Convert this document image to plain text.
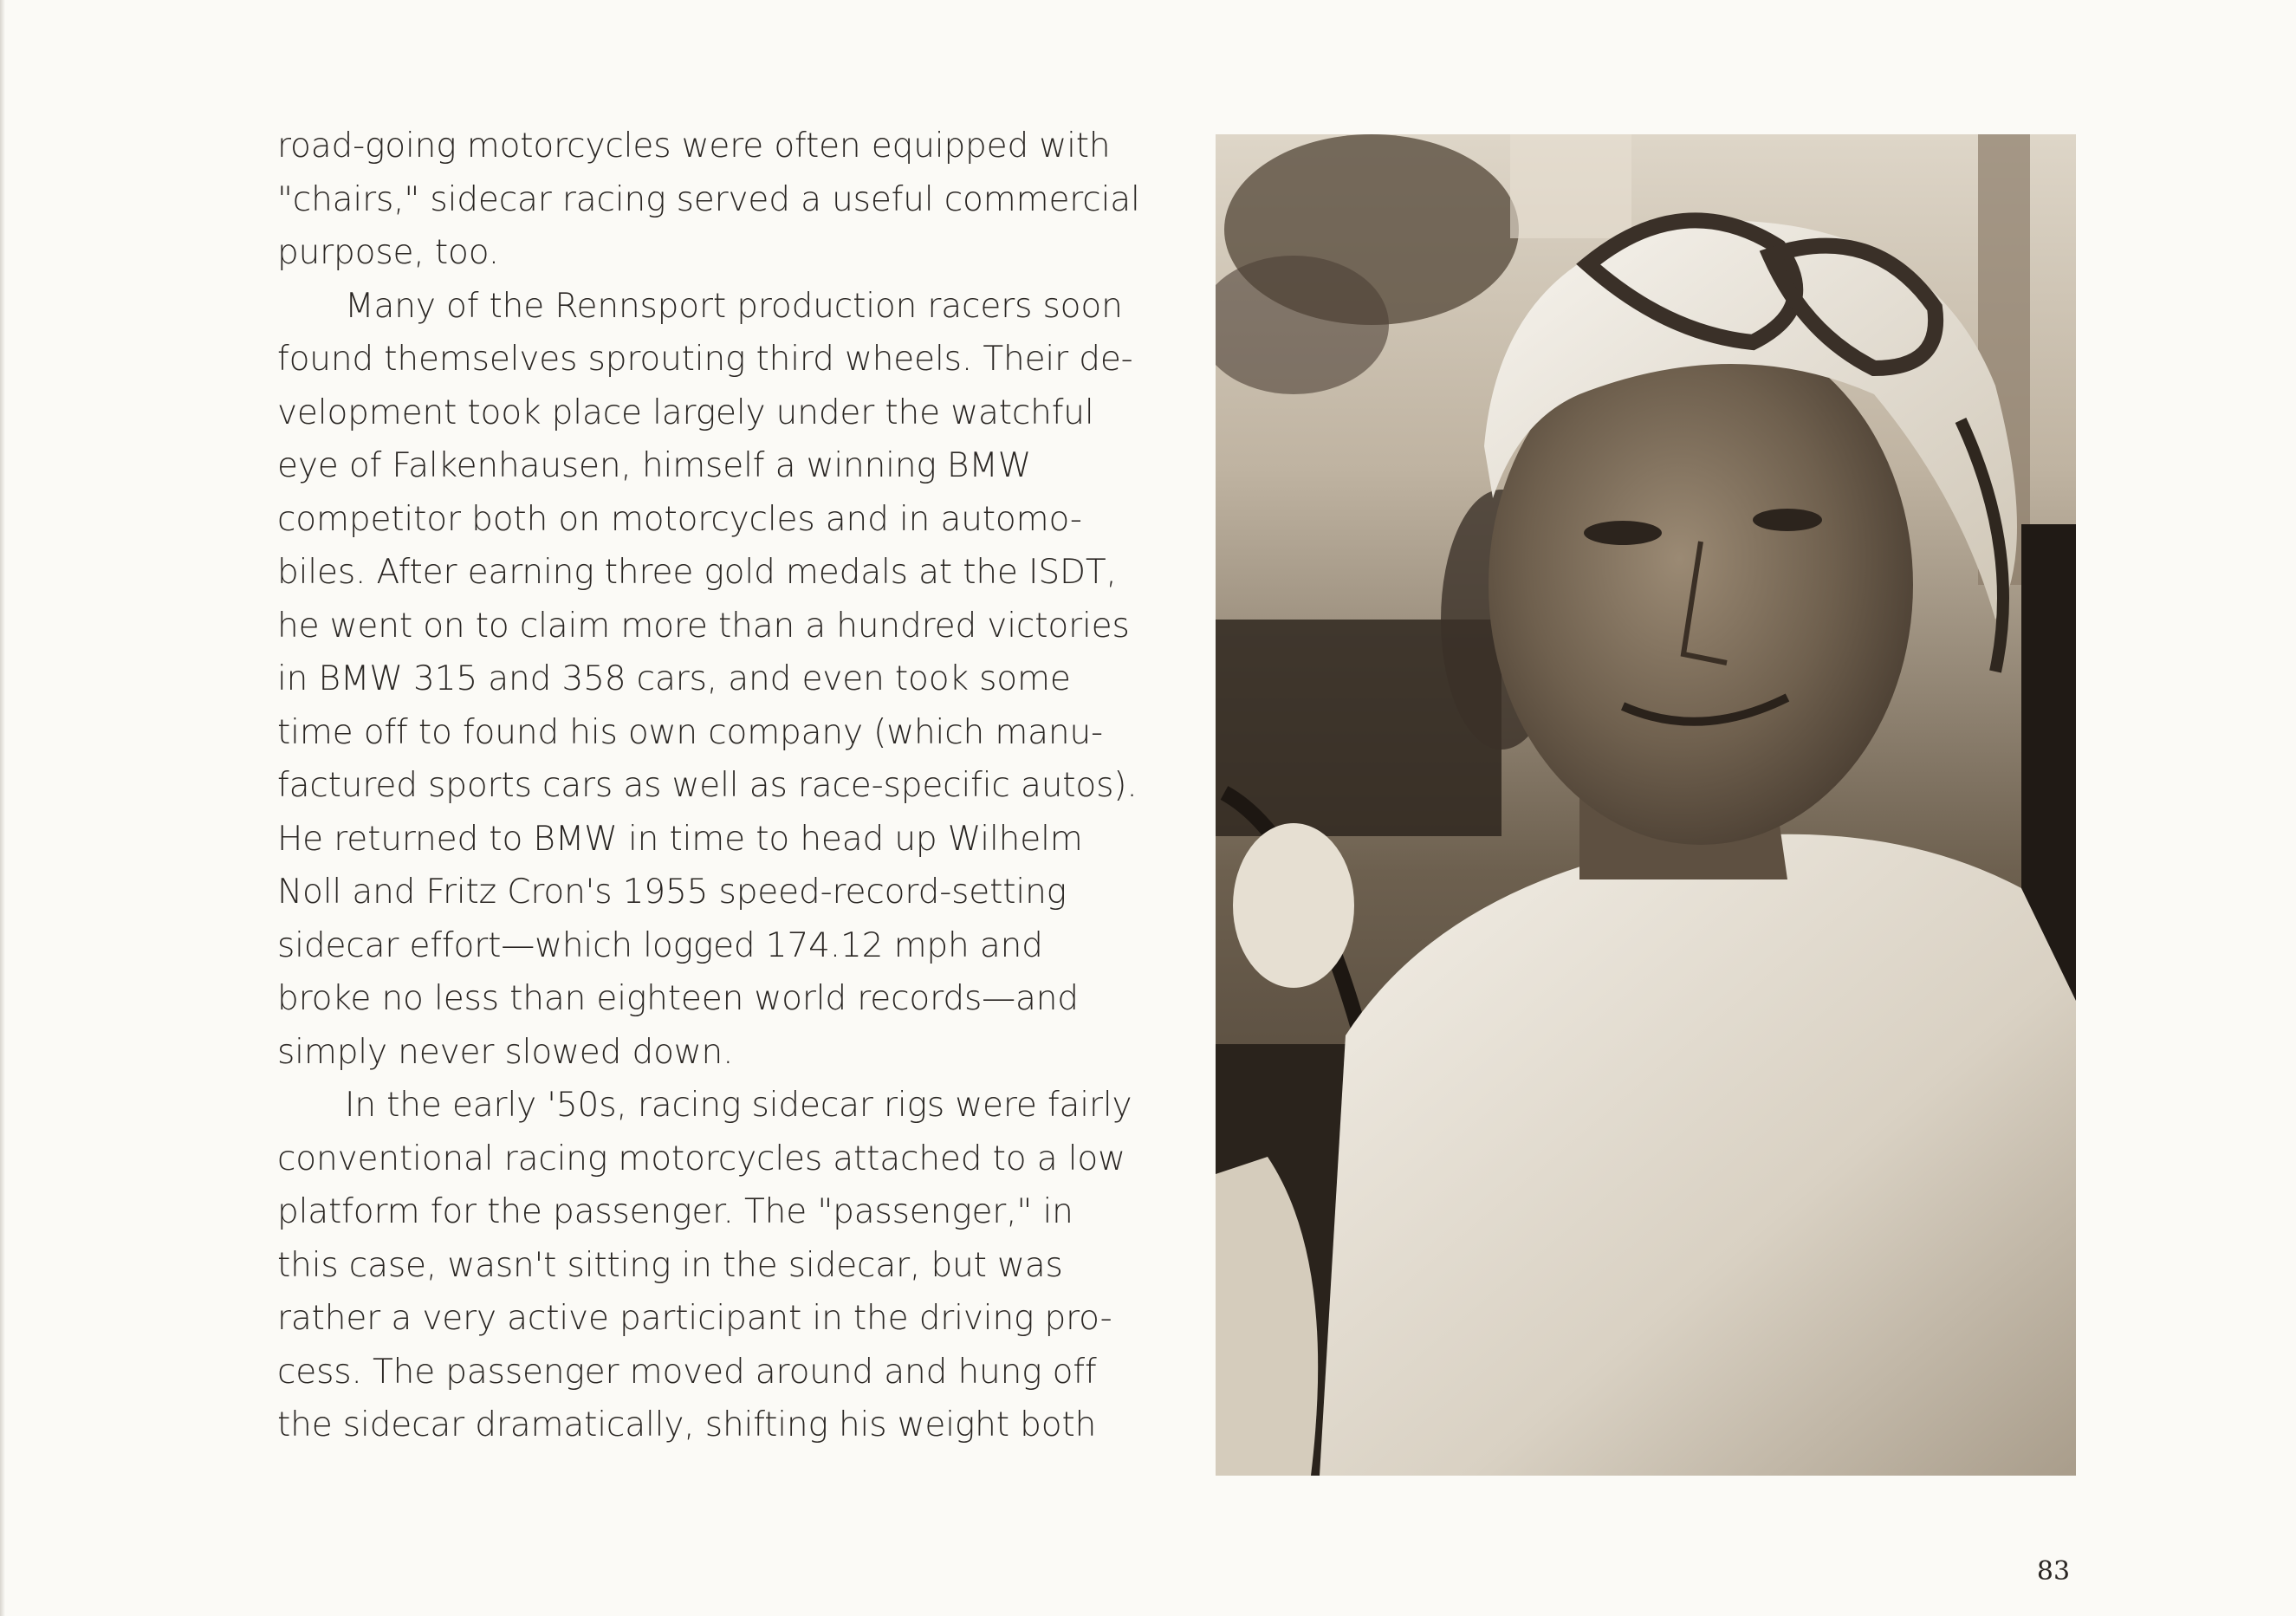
road-going motorcycles were often equipped with
"chairs," sidecar racing served a useful commercial
purpose, too.
Many of the Rennsport production racers soon
found themselves sprouting third wheels. Their de-
velopment took place largely under the watchful
eye of Falkenhausen, himself a winning BMW
competitor both on motorcycles and in automo-
biles. After earning three gold medals at the ISDT,
he went on to claim more than a hundred victories
in BMW 315 and 358 cars, and even took some
time off to found his own company (which manu-
factured sports cars as well as race-specific autos).
He returned to BMW in time to head up Wilhelm
Noll and Fritz Cron's 1955 speed-record-setting
sidecar effort—which logged 174.12 mph and
broke no less than eighteen world records—and
simply never slowed down.
In the early '50s, racing sidecar rigs were fairly
conventional racing motorcycles attached to a low
platform for the passenger. The "passenger," in
this case, wasn't sitting in the sidecar, but was
rather a very active participant in the driving pro-
cess. The passenger moved around and hung off
the sidecar dramatically, shifting his weight both
83
